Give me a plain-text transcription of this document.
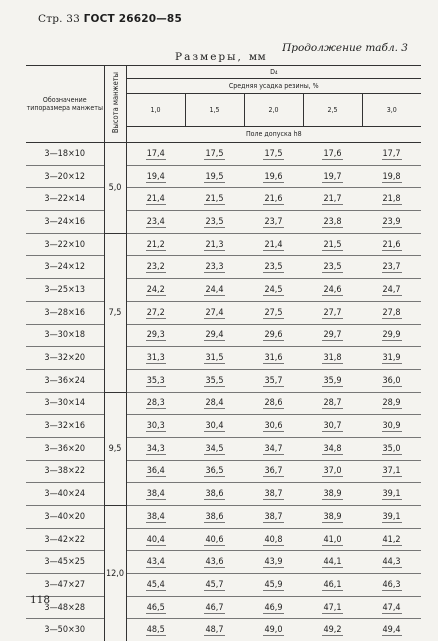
Стр. 33 ГОСТ 26620—85
Продолжение табл. 3
Размеры, мм
Обозначение типоразмера манжеты	Высота манжеты	D₄				
		Средняя усадка резины, %				
		1,0	1,5	2,0	2,5	3,0
		Поле допуска h8				
3—18×10	5,0	17,4	17,5	17,5	17,6	17,7
3—20×12		19,4	19,5	19,6	19,7	19,8
3—22×14		21,4	21,5	21,6	21,7	21,8
3—24×16		23,4	23,5	23,7	23,8	23,9
3—22×10	7,5	21,2	21,3	21,4	21,5	21,6
3—24×12		23,2	23,3	23,5	23,5	23,7
3—25×13		24,2	24,4	24,5	24,6	24,7
3—28×16		27,2	27,4	27,5	27,7	27,8
3—30×18		29,3	29,4	29,6	29,7	29,9
3—32×20		31,3	31,5	31,6	31,8	31,9
3—36×24		35,3	35,5	35,7	35,9	36,0
3—30×14	9,5	28,3	28,4	28,6	28,7	28,9
3—32×16		30,3	30,4	30,6	30,7	30,9
3—36×20		34,3	34,5	34,7	34,8	35,0
3—38×22		36,4	36,5	36,7	37,0	37,1
3—40×24		38,4	38,6	38,7	38,9	39,1
3—40×20	12,0	38,4	38,6	38,7	38,9	39,1
3—42×22		40,4	40,6	40,8	41,0	41,2
3—45×25		43,4	43,6	43,9	44,1	44,3
3—47×27		45,4	45,7	45,9	46,1	46,3
3—48×28		46,5	46,7	46,9	47,1	47,4
3—50×30		48,5	48,7	49,0	49,2	49,4
118
